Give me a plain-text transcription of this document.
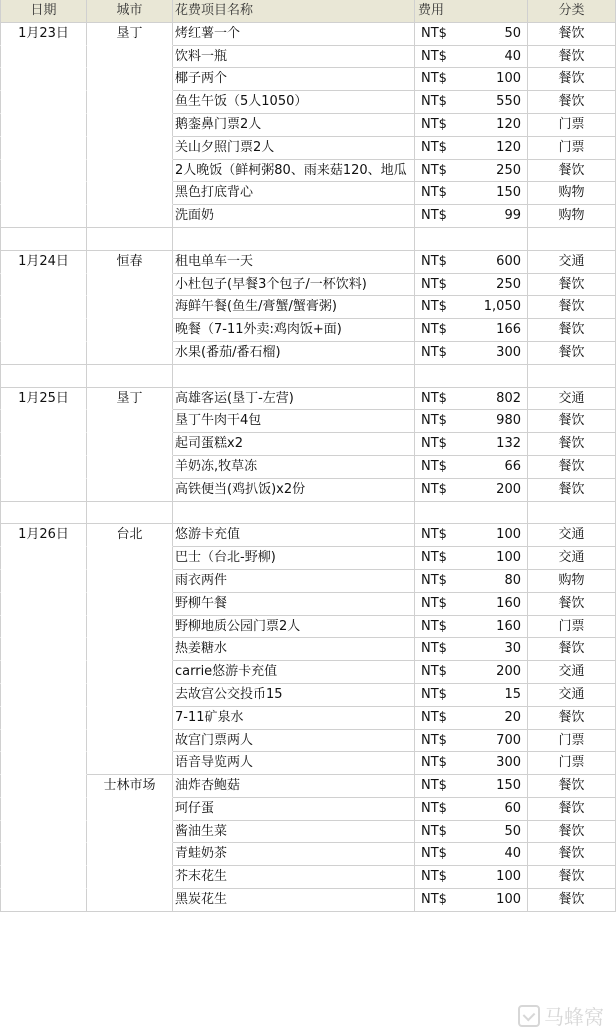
日期	城市	花费项目名称	费用	分类
1月23日	垦丁	烤红薯一个	NT$	50	餐饮
饮料一瓶	NT$	40	餐饮
椰子两个	NT$	100	餐饮
鱼生午饭（5人1050）	NT$	550	餐饮
鹅銮鼻门票2人	NT$	120	门票
关山夕照门票2人	NT$	120	门票
2人晚饭（鲜柯粥80、雨来菇120、地瓜	NT$	250	餐饮
黑色打底背心	NT$	150	购物
洗面奶	NT$	99	购物
1月24日	恒春	租电单车一天	NT$	600	交通
小杜包子(早餐3个包子/一杯饮料)	NT$	250	餐饮
海鲜午餐(鱼生/膏蟹/蟹膏粥)	NT$	1,050	餐饮
晚餐（7-11外卖:鸡肉饭+面)	NT$	166	餐饮
水果(番茄/番石榴)	NT$	300	餐饮
1月25日	垦丁	高雄客运(垦丁-左营)	NT$	802	交通
垦丁牛肉干4包	NT$	980	餐饮
起司蛋糕x2	NT$	132	餐饮
羊奶冻,牧草冻	NT$	66	餐饮
高铁便当(鸡扒饭)x2份	NT$	200	餐饮
1月26日	台北	悠游卡充值	NT$	100	交通
巴士（台北-野柳)	NT$	100	交通
雨衣两件	NT$	80	购物
野柳午餐	NT$	160	餐饮
野柳地质公园门票2人	NT$	160	门票
热姜糖水	NT$	30	餐饮
carrie悠游卡充值	NT$	200	交通
去故宫公交投币15	NT$	15	交通
7-11矿泉水	NT$	20	餐饮
故宫门票两人	NT$	700	门票
语音导览两人	NT$	300	门票
士林市场	油炸杏鲍菇	NT$	150	餐饮
珂仔蛋	NT$	60	餐饮
酱油生菜	NT$	50	餐饮
青蛙奶茶	NT$	40	餐饮
芥末花生	NT$	100	餐饮
黑炭花生	NT$	100	餐饮
马蜂窝
